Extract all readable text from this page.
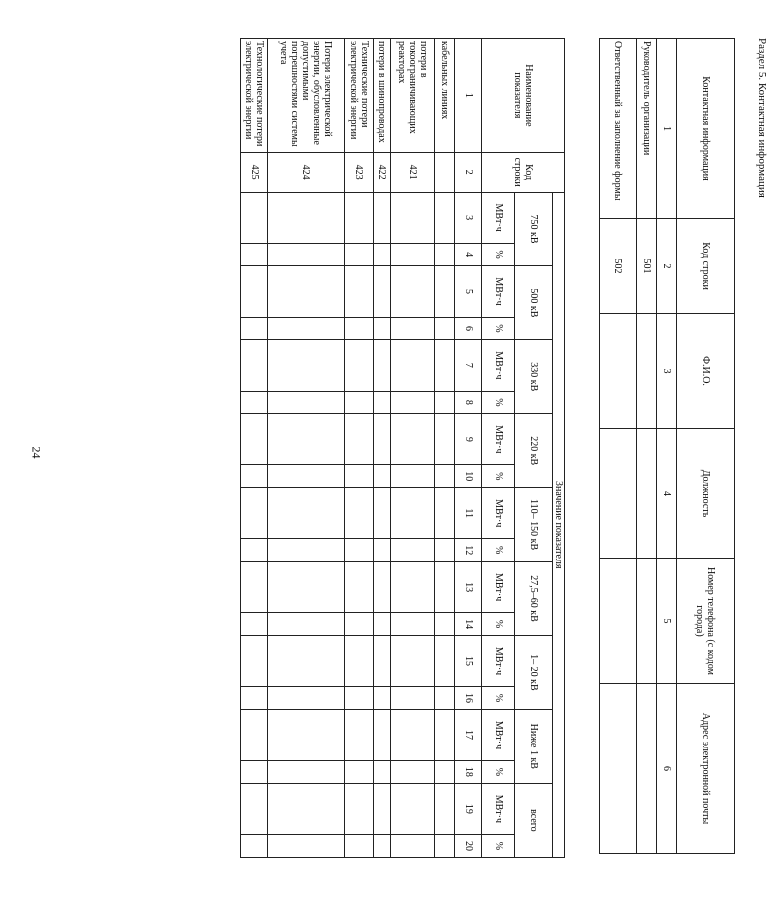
24
Наименование показателя	Код строки	Значение показателя																	
		750 кВ		500 кВ		330 кВ		220 кВ		110– 150 кВ		27,5–60 кВ		1– 20 кВ		Ниже 1 кВ		всего	
		МВт·ч	%	МВт·ч	%	МВт·ч	%	МВт·ч	%	МВт·ч	%	МВт·ч	%	МВт·ч	%	МВт·ч	%	МВт·ч	%
1	2	3	4	5	6	7	8	9	10	11	12	13	14	15	16	17	18	19	20
кабельных линиях																			
потери в токоограничивающих реакторах	421																		
потери в шинопроводах	422																		
Технические потери электрической энергии	423																		
Потери электрической энергии, обусловленные допустимыми погрешностями системы учета	424																		
Технологические потери электрической энергии	425																			Раздел 5. Контактная информация
Контактная информация	Код строки	Ф.И.О.	Должность	Номер телефона (с кодом города)	Адрес электронной почты
1	2	3	4	5	6
Руководитель организации	501				
Ответственный за заполнение формы	502				
